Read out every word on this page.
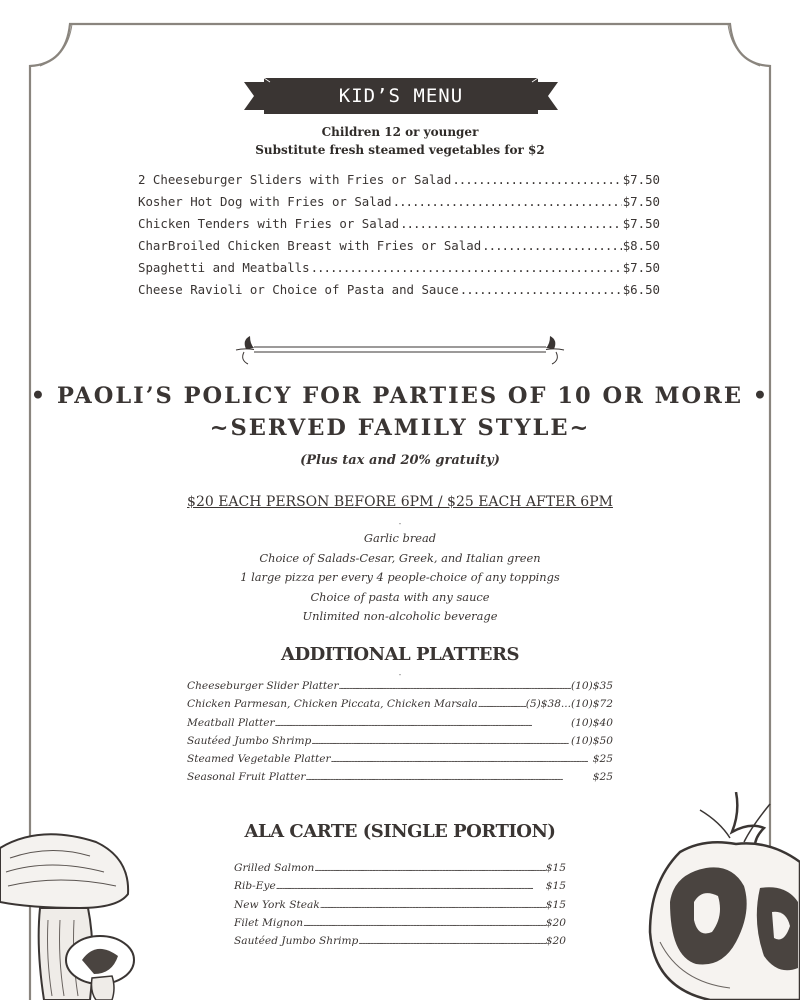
KID’S MENU
Children 12 or younger
Substitute fresh steamed vegetables for $2
2 Cheeseburger Sliders with Fries or Salad .....	$7.50
Kosher Hot Dog with Fries or Salad .....	$7.50
Chicken Tenders with Fries or Salad .....	$7.50
CharBroiled Chicken Breast with Fries or Salad .....	$8.50
Spaghetti and Meatballs .....	$7.50
Cheese Ravioli or Choice of Pasta and Sauce .....	$6.50
• PAOLI’S POLICY FOR PARTIES OF 10 OR MORE •
~SERVED FAMILY STYLE~
(Plus tax and 20% gratuity)
$20 EACH PERSON BEFORE 6PM / $25 EACH AFTER 6PM
-
Garlic bread
Choice of Salads-Cesar, Greek, and Italian green
1 large pizza per every 4 people-choice of any toppings
Choice of pasta with any sauce
Unlimited non-alcoholic beverage
ADDITIONAL PLATTERS
-
Cheeseburger Slider Platter .....	(10)$35
Chicken Parmesan, Chicken Piccata, Chicken Marsala .....	(5)$38...(10)$72
Meatball Platter .....	(10)$40
Sautéed Jumbo Shrimp .....	(10)$50
Steamed Vegetable Platter .....	$25
Seasonal Fruit Platter .....	$25
ALA CARTE (SINGLE PORTION)
Grilled Salmon .....	$15
Rib-Eye .....	$15
New York Steak .....	$15
Filet Mignon .....	$20
Sautéed Jumbo Shrimp .....	$20
